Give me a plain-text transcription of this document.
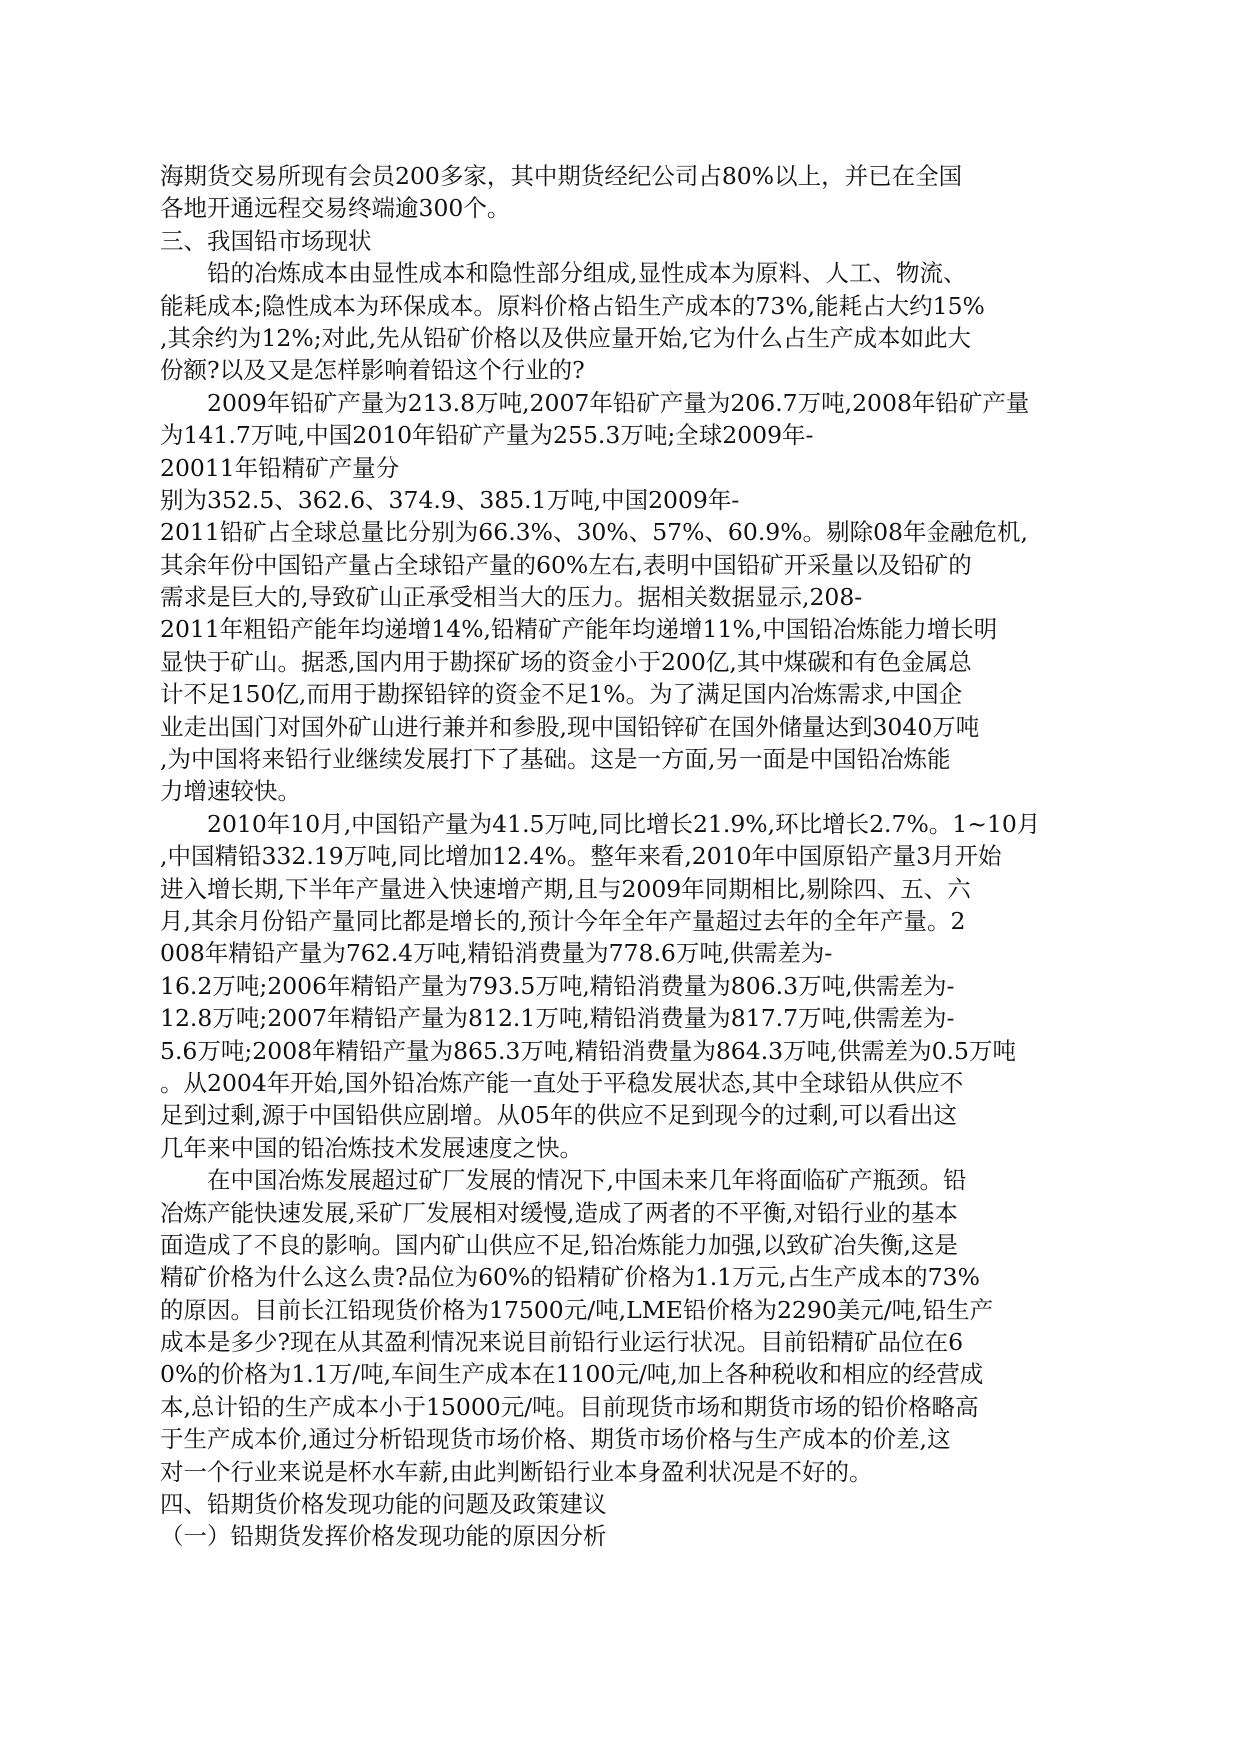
海期货交易所现有会员200多家，其中期货经纪公司占80%以上，并已在全国
各地开通远程交易终端逾300个。
三、我国铅市场现状
铅的冶炼成本由显性成本和隐性部分组成,显性成本为原料、人工、物流、
能耗成本;隐性成本为环保成本。原料价格占铅生产成本的73%,能耗占大约15%
,其余约为12%;对此,先从铅矿价格以及供应量开始,它为什么占生产成本如此大
份额?以及又是怎样影响着铅这个行业的?
2009年铅矿产量为213.8万吨,2007年铅矿产量为206.7万吨,2008年铅矿产量
为141.7万吨,中国2010年铅矿产量为255.3万吨;全球2009年-
20011年铅精矿产量分
别为352.5、362.6、374.9、385.1万吨,中国2009年-
2011铅矿占全球总量比分别为66.3%、30%、57%、60.9%。剔除08年金融危机,
其余年份中国铅产量占全球铅产量的60%左右,表明中国铅矿开采量以及铅矿的
需求是巨大的,导致矿山正承受相当大的压力。据相关数据显示,208-
2011年粗铅产能年均递增14%,铅精矿产能年均递增11%,中国铅冶炼能力增长明
显快于矿山。据悉,国内用于勘探矿场的资金小于200亿,其中煤碳和有色金属总
计不足150亿,而用于勘探铅锌的资金不足1%。为了满足国内冶炼需求,中国企
业走出国门对国外矿山进行兼并和参股,现中国铅锌矿在国外储量达到3040万吨
,为中国将来铅行业继续发展打下了基础。这是一方面,另一面是中国铅冶炼能
力增速较快。
2010年10月,中国铅产量为41.5万吨,同比增长21.9%,环比增长2.7%。1~10月
,中国精铅332.19万吨,同比增加12.4%。整年来看,2010年中国原铅产量3月开始
进入增长期,下半年产量进入快速增产期,且与2009年同期相比,剔除四、五、六
月,其余月份铅产量同比都是增长的,预计今年全年产量超过去年的全年产量。2
008年精铅产量为762.4万吨,精铅消费量为778.6万吨,供需差为-
16.2万吨;2006年精铅产量为793.5万吨,精铅消费量为806.3万吨,供需差为-
12.8万吨;2007年精铅产量为812.1万吨,精铅消费量为817.7万吨,供需差为-
5.6万吨;2008年精铅产量为865.3万吨,精铅消费量为864.3万吨,供需差为0.5万吨
。从2004年开始,国外铅冶炼产能一直处于平稳发展状态,其中全球铅从供应不
足到过剩,源于中国铅供应剧增。从05年的供应不足到现今的过剩,可以看出这
几年来中国的铅冶炼技术发展速度之快。
在中国冶炼发展超过矿厂发展的情况下,中国未来几年将面临矿产瓶颈。铅
冶炼产能快速发展,采矿厂发展相对缓慢,造成了两者的不平衡,对铅行业的基本
面造成了不良的影响。国内矿山供应不足,铅冶炼能力加强,以致矿冶失衡,这是
精矿价格为什么这么贵?品位为60%的铅精矿价格为1.1万元,占生产成本的73%
的原因。目前长江铅现货价格为17500元/吨,LME铅价格为2290美元/吨,铅生产
成本是多少?现在从其盈利情况来说目前铅行业运行状况。目前铅精矿品位在6
0%的价格为1.1万/吨,车间生产成本在1100元/吨,加上各种税收和相应的经营成
本,总计铅的生产成本小于15000元/吨。目前现货市场和期货市场的铅价格略高
于生产成本价,通过分析铅现货市场价格、期货市场价格与生产成本的价差,这
对一个行业来说是杯水车薪,由此判断铅行业本身盈利状况是不好的。
四、铅期货价格发现功能的问题及政策建议
（一）铅期货发挥价格发现功能的原因分析
